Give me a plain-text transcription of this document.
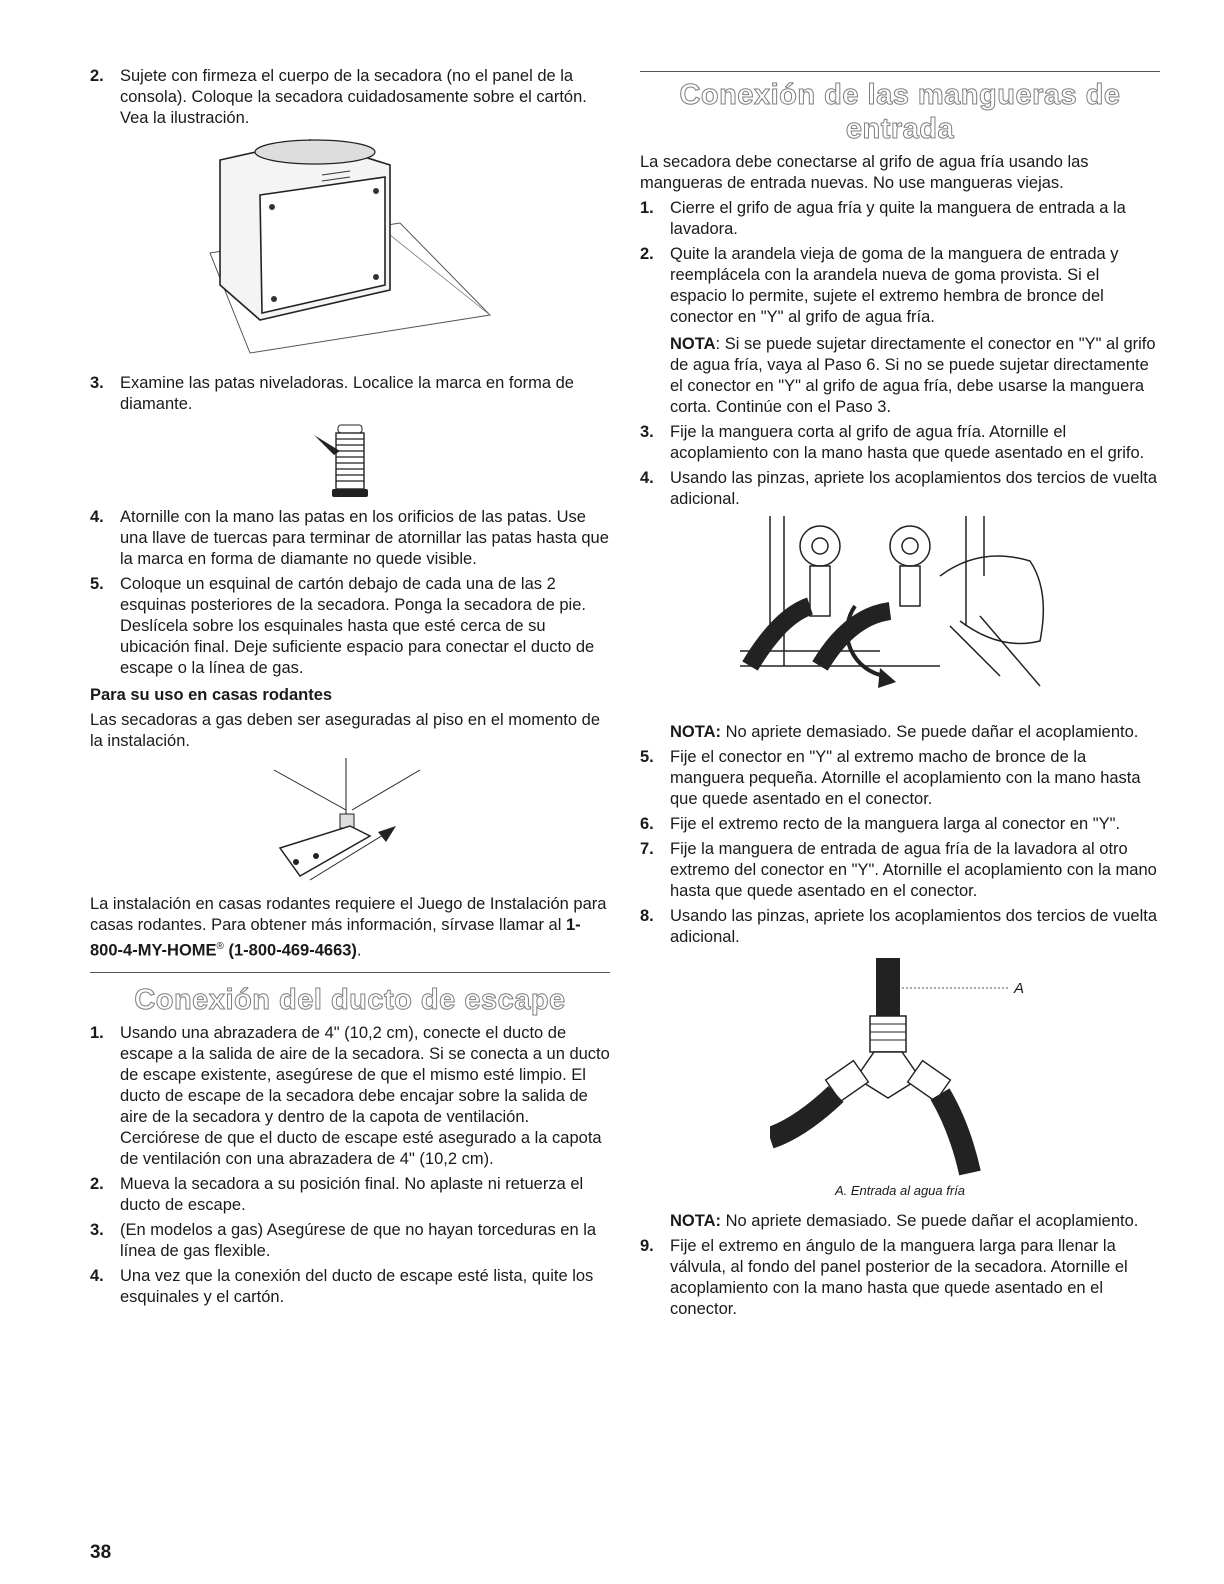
2. Sujete con firmeza el cuerpo de la secadora (no el panel de la consola). Coloque la secadora cuidadosamente sobre el cartón. Vea la ilustración.
3. Examine las patas niveladoras. Localice la marca en forma de diamante.
4. Atornille con la mano las patas en los orificios de las patas. Use una llave de tuercas para terminar de atornillar las patas hasta que la marca en forma de diamante no quede visible.
5. Coloque un esquinal de cartón debajo de cada una de las 2 esquinas posteriores de la secadora. Ponga la secadora de pie. Deslícela sobre los esquinales hasta que esté cerca de su ubicación final. Deje suficiente espacio para conectar el ducto de escape o la línea de gas.
Para su uso en casas rodantes

Las secadoras a gas deben ser aseguradas al piso en el momento de la instalación.

La instalación en casas rodantes requiere el Juego de Instalación para casas rodantes. Para obtener más información, sírvase llamar al 1-800-4-MY-HOME® (1-800-469-4663).

Conexión del ducto de escape
1. Usando una abrazadera de 4" (10,2 cm), conecte el ducto de escape a la salida de aire de la secadora. Si se conecta a un ducto de escape existente, asegúrese de que el mismo esté limpio. El ducto de escape de la secadora debe encajar sobre la salida de aire de la secadora y dentro de la capota de ventilación. Cerciórese de que el ducto de escape esté asegurado a la capota de ventilación con una abrazadera de 4" (10,2 cm).
2. Mueva la secadora a su posición final. No aplaste ni retuerza el ducto de escape.
3. (En modelos a gas) Asegúrese de que no hayan torceduras en la línea de gas flexible.
4. Una vez que la conexión del ducto de escape esté lista, quite los esquinales y el cartón.
Conexión de las mangueras de entrada

La secadora debe conectarse al grifo de agua fría usando las mangueras de entrada nuevas. No use mangueras viejas.

1. Cierre el grifo de agua fría y quite la manguera de entrada a la lavadora.
2. Quite la arandela vieja de goma de la manguera de entrada y reemplácela con la arandela nueva de goma provista. Si el espacio lo permite, sujete el extremo hembra de bronce del conector en "Y" al grifo de agua fría.

NOTA: Si se puede sujetar directamente el conector en "Y" al grifo de agua fría, vaya al Paso 6. Si no se puede sujetar directamente el conector en "Y" al grifo de agua fría, debe usarse la manguera corta. Continúe con el Paso 3.

3. Fije la manguera corta al grifo de agua fría. Atornille el acoplamiento con la mano hasta que quede asentado en el grifo.
4. Usando las pinzas, apriete los acoplamientos dos tercios de vuelta adicional.

NOTA: No apriete demasiado. Se puede dañar el acoplamiento.

5. Fije el conector en "Y" al extremo macho de bronce de la manguera pequeña. Atornille el acoplamiento con la mano hasta que quede asentado en el conector.
6. Fije el extremo recto de la manguera larga al conector en "Y".
7. Fije la manguera de entrada de agua fría de la lavadora al otro extremo del conector en "Y". Atornille el acoplamiento con la mano hasta que quede asentado en el conector.
8. Usando las pinzas, apriete los acoplamientos dos tercios de vuelta adicional.
A
A. Entrada al agua fría

NOTA: No apriete demasiado. Se puede dañar el acoplamiento.

9. Fije el extremo en ángulo de la manguera larga para llenar la válvula, al fondo del panel posterior de la secadora. Atornille el acoplamiento con la mano hasta que quede asentado en el conector.
38
